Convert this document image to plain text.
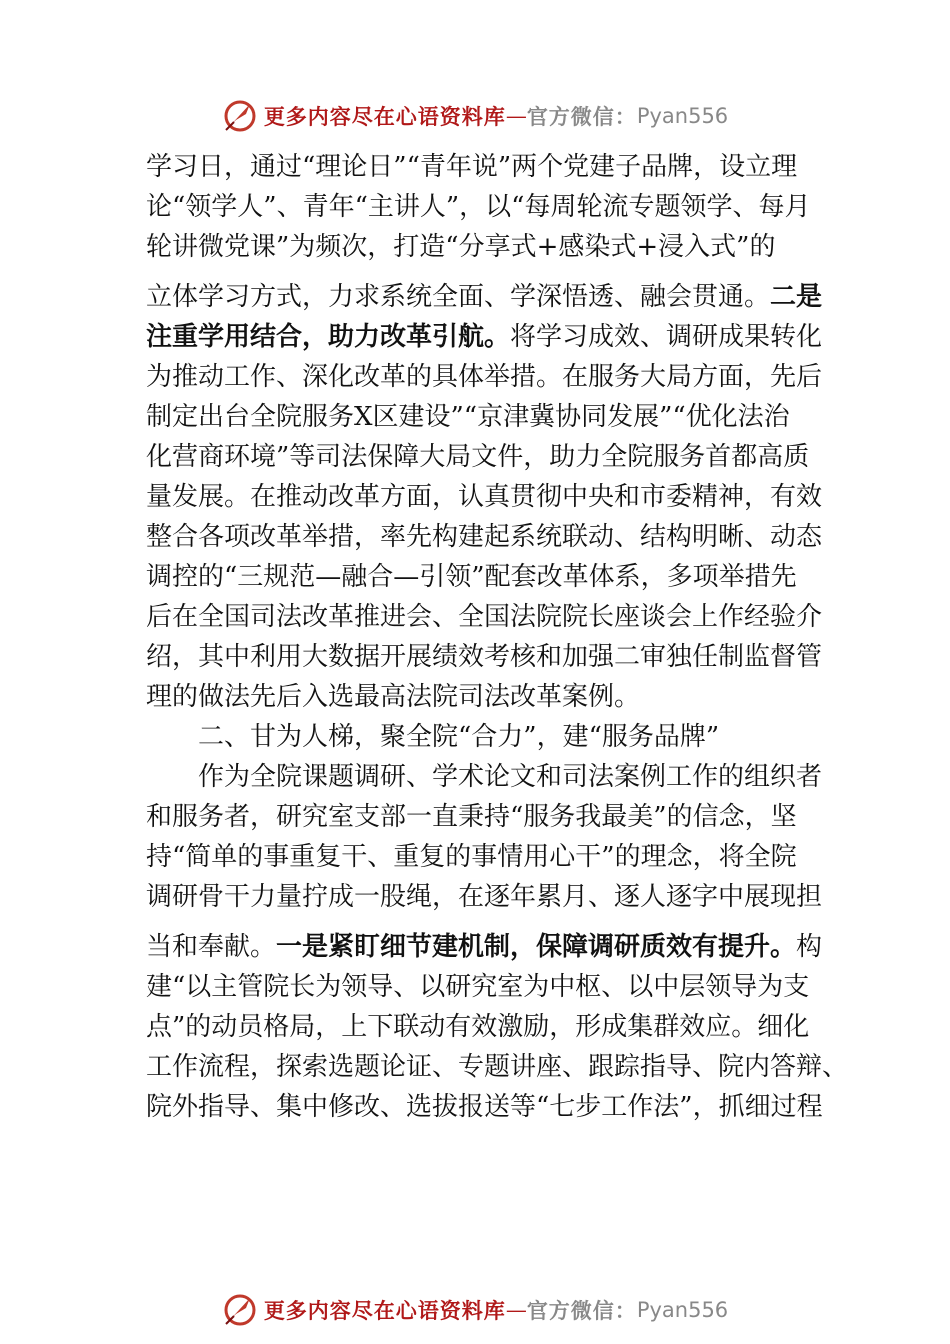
更多内容尽在心语资料库 — 官方微信： Pyan556
学习日，通过“理论日”“青年说”两个党建子品牌，设立理
论“领学人”、青年“主讲人”，以“每周轮流专题领学、每月
轮讲微党课”为频次，打造“分享式+感染式+浸入式”的
立体学习方式，力求系统全面、学深悟透、融会贯通。二是
注重学用结合，助力改革引航。将学习成效、调研成果转化
为推动工作、深化改革的具体举措。在服务大局方面，先后
制定出台全院服务X区建设”“京津冀协同发展”“优化法治
化营商环境”等司法保障大局文件，助力全院服务首都高质
量发展。在推动改革方面，认真贯彻中央和市委精神，有效
整合各项改革举措，率先构建起系统联动、结构明晰、动态
调控的“三规范—融合—引领”配套改革体系，多项举措先
后在全国司法改革推进会、全国法院院长座谈会上作经验介
绍，其中利用大数据开展绩效考核和加强二审独任制监督管
理的做法先后入选最高法院司法改革案例。
二、甘为人梯，聚全院“合力”，建“服务品牌”
作为全院课题调研、学术论文和司法案例工作的组织者
和服务者，研究室支部一直秉持“服务我最美”的信念，坚
持“简单的事重复干、重复的事情用心干”的理念，将全院
调研骨干力量拧成一股绳，在逐年累月、逐人逐字中展现担
当和奉献。一是紧盯细节建机制，保障调研质效有提升。构
建“以主管院长为领导、以研究室为中枢、以中层领导为支
点”的动员格局，上下联动有效激励，形成集群效应。细化
工作流程，探索选题论证、专题讲座、跟踪指导、院内答辩、
院外指导、集中修改、选拔报送等“七步工作法”，抓细过程
更多内容尽在心语资料库 — 官方微信： Pyan556
